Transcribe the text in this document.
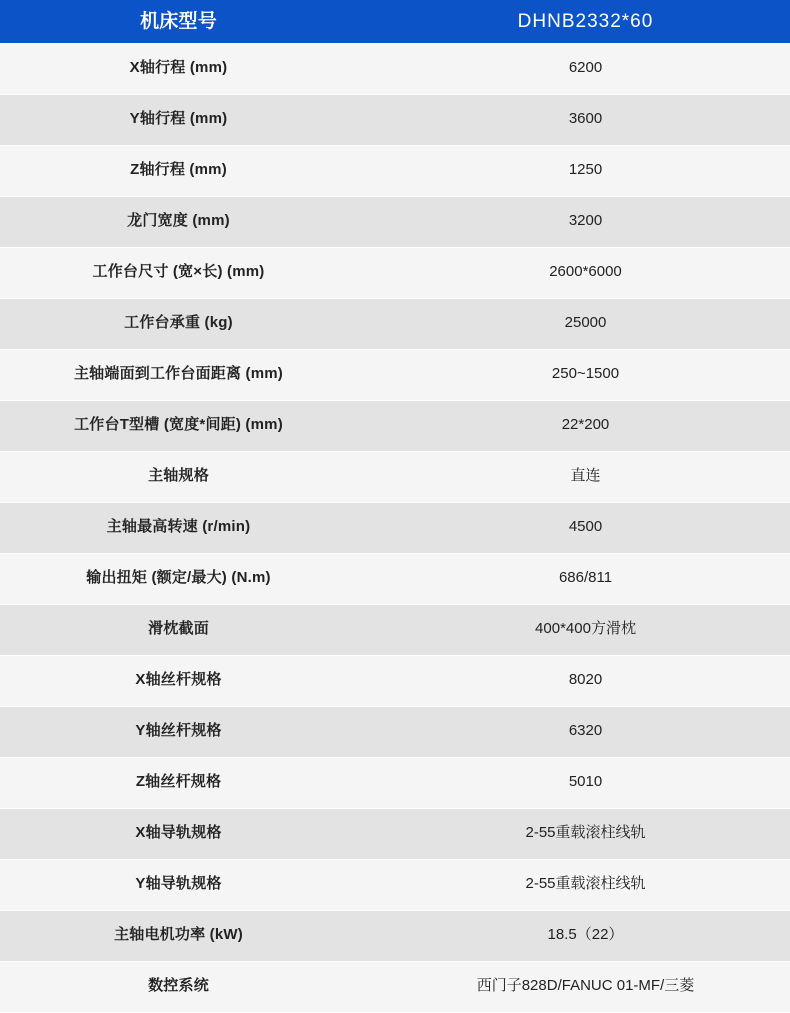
机床型号	DHNB2332*60
X轴行程 (mm)	6200
Y轴行程 (mm)	3600
Z轴行程 (mm)	1250
龙门宽度 (mm)	3200
工作台尺寸 (宽×长) (mm)	2600*6000
工作台承重 (kg)	25000
主轴端面到工作台面距离 (mm)	250~1500
工作台T型槽 (宽度*间距) (mm)	22*200
主轴规格	直连
主轴最高转速 (r/min)	4500
输出扭矩 (额定/最大) (N.m)	686/811
滑枕截面	400*400方滑枕
X轴丝杆规格	8020
Y轴丝杆规格	6320
Z轴丝杆规格	5010
X轴导轨规格	2-55重载滚柱线轨
Y轴导轨规格	2-55重载滚柱线轨
主轴电机功率 (kW)	18.5（22）
数控系统	西门子828D/FANUC 01-MF/三菱
